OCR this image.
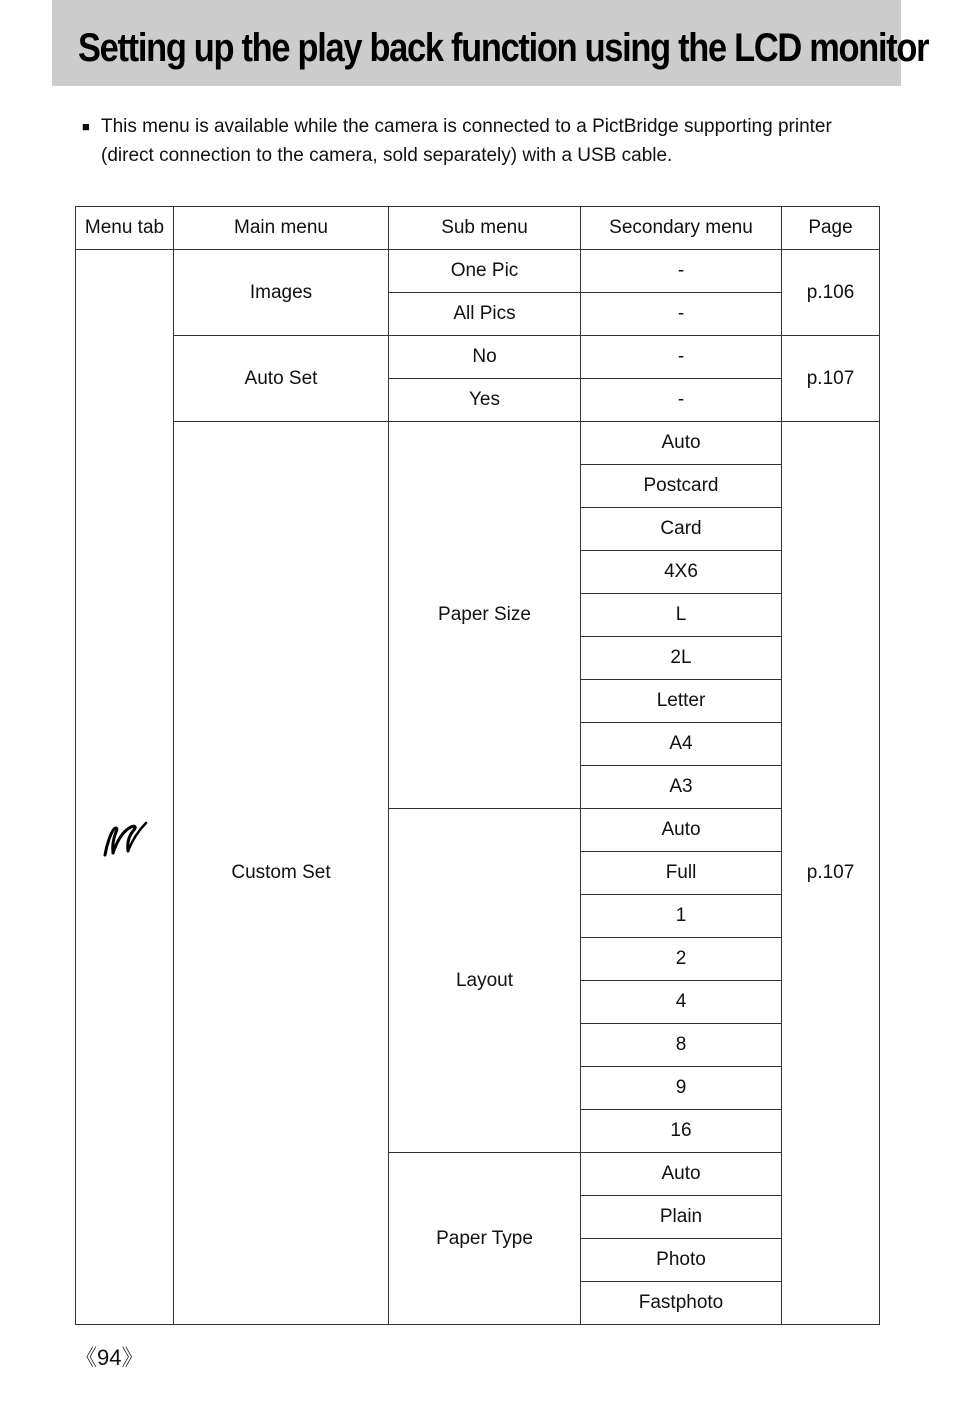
Setting up the play back function using the LCD monitor
■ This menu is available while the camera is connected to a PictBridge supporting printer
(direct connection to the camera, sold separately) with a USB cable.
Menu tab	Main menu	Sub menu	Secondary menu	Page
	Images	One Pic	-	p.106
		All Pics	-	
	Auto Set	No	-	p.107
		Yes	-	
	Custom Set	Paper Size	Auto	p.107
			Postcard	
			Card	
			4X6	
			L	
			2L	
			Letter	
			A4	
			A3	
		Layout	Auto	
			Full	
			1	
			2	
			4	
			8	
			9	
			16	
		Paper Type	Auto	
			Plain	
			Photo	
			Fastphoto	
《94》
